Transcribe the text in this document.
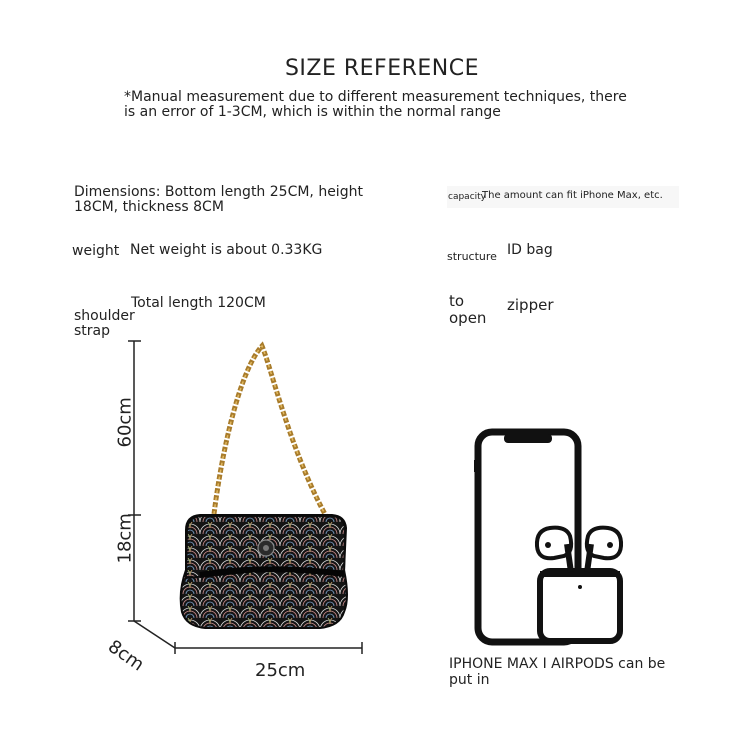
SIZE REFERENCE
*Manual measurement due to different measurement techniques, there is an error of 1-3CM, which is within the normal range
Dimensions: Bottom length 25CM, height 18CM, thickness 8CM
weight Net weight is about 0.33KG
shoulder strap
Total length 120CM
capacity
The amount can fit iPhone Max, etc.
structure ID bag
to open
zipper
60cm
18cm
8cm	25cm	IPHONE MAX I AIRPODS can be put in
